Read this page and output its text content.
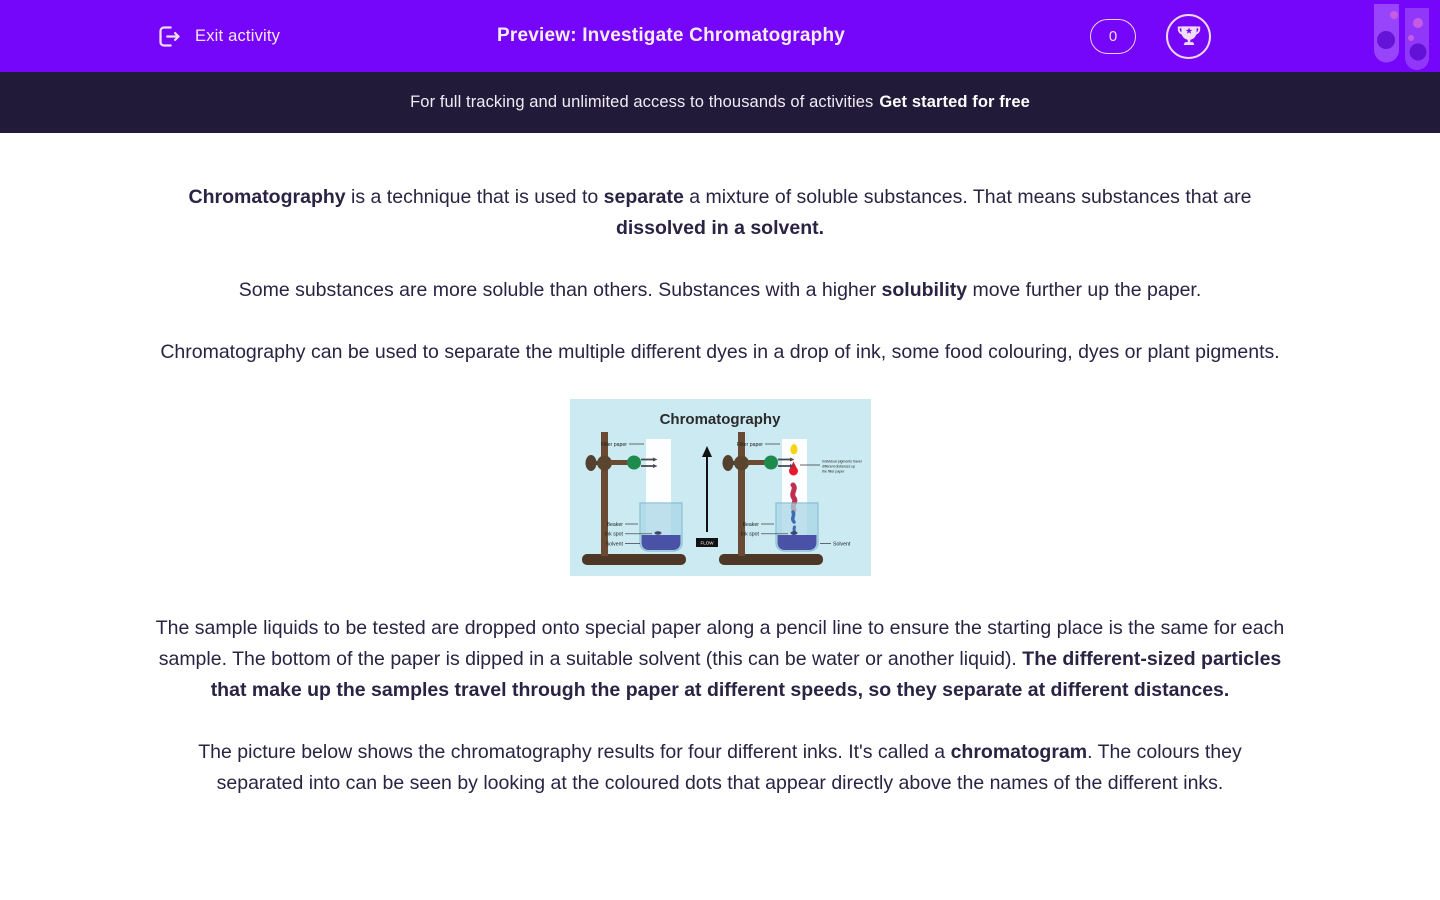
Exit activity	Preview: Investigate Chromatography	0
For full tracking and unlimited access to thousands of activities Get started for free

Chromatography is a technique that is used to separate a mixture of soluble substances. That means substances that are dissolved in a solvent.

Some substances are more soluble than others. Substances with a higher solubility move further up the paper.

Chromatography can be used to separate the multiple different dyes in a drop of ink, some food colouring, dyes or plant pigments.

Chromatography
Filter paper
Beaker
Ink spot
Solvent	FLOW
Filter paper
Beaker
Ink spot
Solvent
Individual pigments travel
different distances up
the filter paper

The sample liquids to be tested are dropped onto special paper along a pencil line to ensure the starting place is the same for each sample. The bottom of the paper is dipped in a suitable solvent (this can be water or another liquid). The different-sized particles that make up the samples travel through the paper at different speeds, so they separate at different distances.

The picture below shows the chromatography results for four different inks. It's called a chromatogram. The colours they separated into can be seen by looking at the coloured dots that appear directly above the names of the different inks.
